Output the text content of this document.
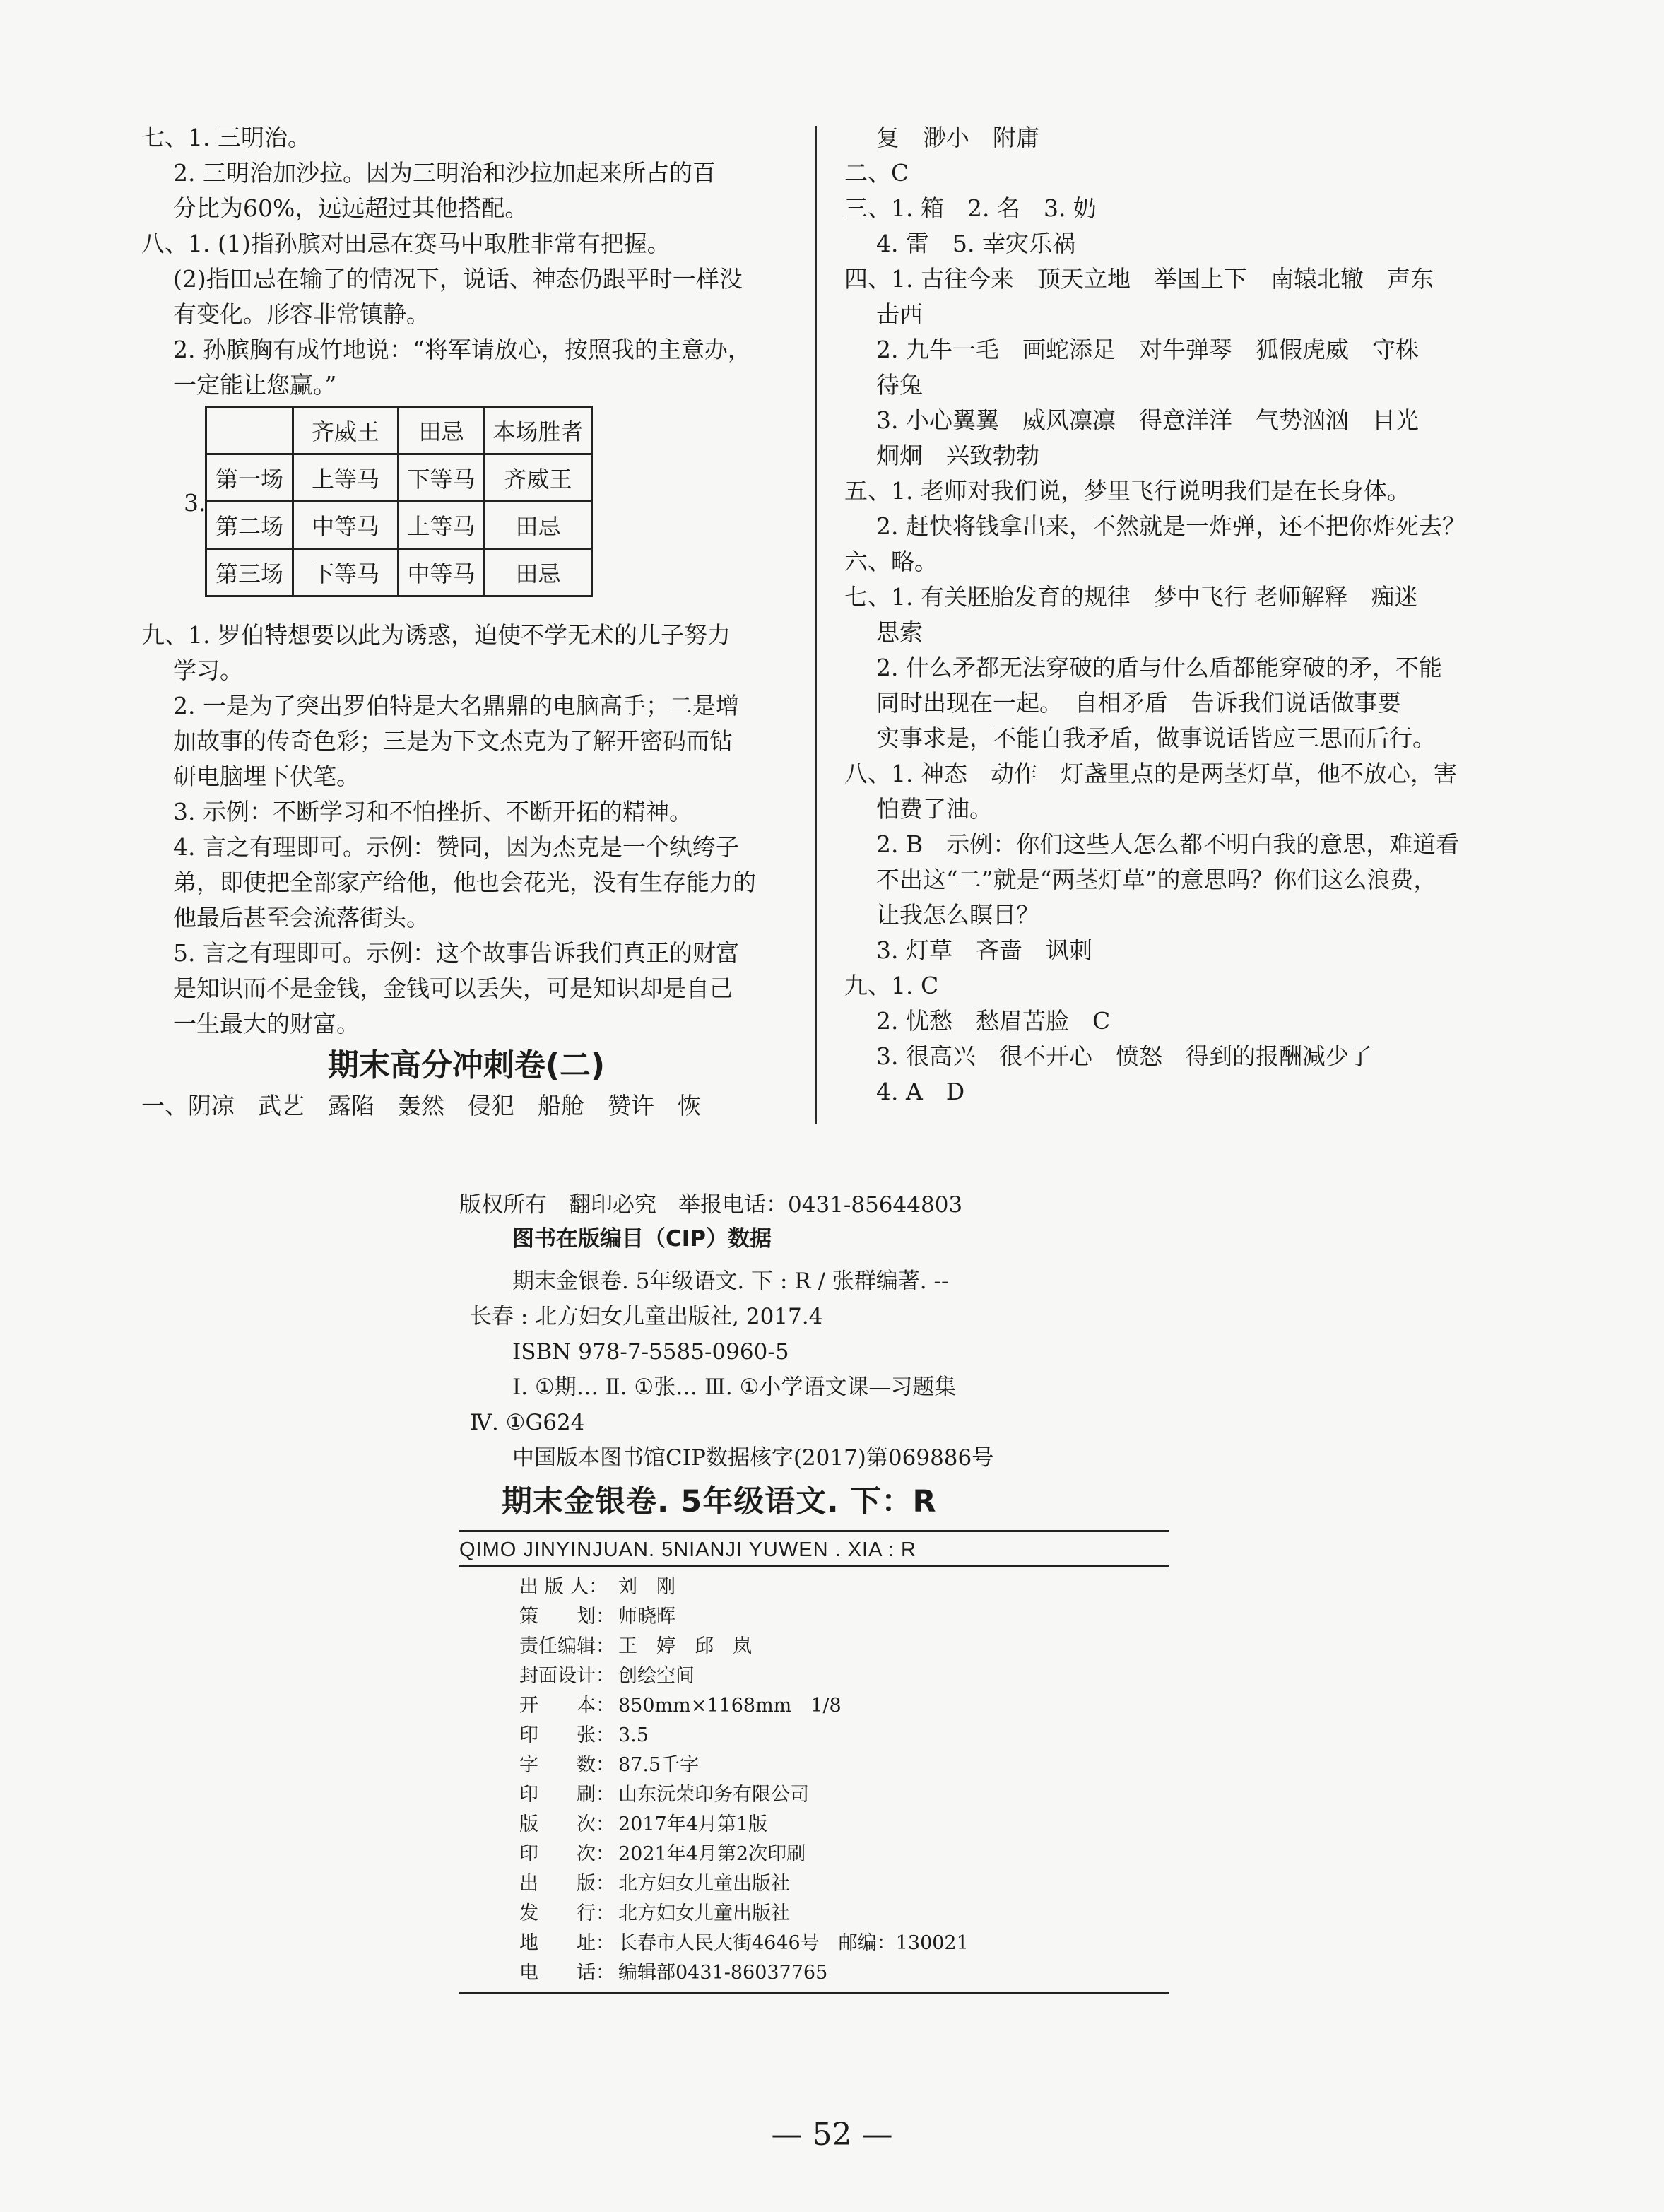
七、1. 三明治。
2. 三明治加沙拉。因为三明治和沙拉加起来所占的百
分比为60%，远远超过其他搭配。
八、1. (1)指孙膑对田忌在赛马中取胜非常有把握。
(2)指田忌在输了的情况下，说话、神态仍跟平时一样没
有变化。形容非常镇静。
2. 孙膑胸有成竹地说：“将军请放心，按照我的主意办，
一定能让您赢。”
3.
	齐威王	田忌	本场胜者
第一场	上等马	下等马	齐威王
第二场	中等马	上等马	田忌
第三场	下等马	中等马	田忌
九、1. 罗伯特想要以此为诱惑，迫使不学无术的儿子努力
学习。
2. 一是为了突出罗伯特是大名鼎鼎的电脑高手；二是增
加故事的传奇色彩；三是为下文杰克为了解开密码而钻
研电脑埋下伏笔。
3. 示例：不断学习和不怕挫折、不断开拓的精神。
4. 言之有理即可。示例：赞同，因为杰克是一个纨绔子
弟，即使把全部家产给他，他也会花光，没有生存能力的
他最后甚至会流落街头。
5. 言之有理即可。示例：这个故事告诉我们真正的财富
是知识而不是金钱，金钱可以丢失，可是知识却是自己
一生最大的财富。
期末高分冲刺卷(二)
一、阴凉　武艺　露陷　轰然　侵犯　船舱　赞许　恢
复　渺小　附庸
二、C
三、1. 箱　2. 名　3. 奶
4. 雷　5. 幸灾乐祸
四、1. 古往今来　顶天立地　举国上下　南辕北辙　声东
击西
2. 九牛一毛　画蛇添足　对牛弹琴　狐假虎威　守株
待兔
3. 小心翼翼　威风凛凛　得意洋洋　气势汹汹　目光
炯炯　兴致勃勃
五、1. 老师对我们说，梦里飞行说明我们是在长身体。
2. 赶快将钱拿出来，不然就是一炸弹，还不把你炸死去？
六、略。
七、1. 有关胚胎发育的规律　梦中飞行 老师解释　痴迷
思索
2. 什么矛都无法穿破的盾与什么盾都能穿破的矛，不能
同时出现在一起。　自相矛盾　告诉我们说话做事要
实事求是，不能自我矛盾，做事说话皆应三思而后行。
八、1. 神态　动作　灯盏里点的是两茎灯草，他不放心，害
怕费了油。
2. B　示例：你们这些人怎么都不明白我的意思，难道看
不出这“二”就是“两茎灯草”的意思吗？你们这么浪费，
让我怎么瞑目？
3. 灯草　吝啬　讽刺
九、1. C
2. 忧愁　愁眉苦脸　C
3. 很高兴　很不开心　愤怒　得到的报酬减少了
4. A　D
版权所有　翻印必究　举报电话：0431-85644803
图书在版编目（CIP）数据
期末金银卷. 5年级语文. 下 : R / 张群编著. --
长春 : 北方妇女儿童出版社, 2017.4
ISBN 978-7-5585-0960-5
Ⅰ. ①期… Ⅱ. ①张… Ⅲ. ①小学语文课—习题集
Ⅳ. ①G624
中国版本图书馆CIP数据核字(2017)第069886号
期末金银卷. 5年级语文. 下：R
QIMO JINYINJUAN. 5NIANJI YUWEN . XIA : R
出 版 人： 刘　刚
策　　划： 师晓晖
责任编辑： 王　婷　邱　岚
封面设计： 创绘空间
开　　本： 850mm×1168mm　1/8
印　　张： 3.5
字　　数： 87.5千字
印　　刷： 山东沅荣印务有限公司
版　　次： 2017年4月第1版
印　　次： 2021年4月第2次印刷
出　　版： 北方妇女儿童出版社
发　　行： 北方妇女儿童出版社
地　　址： 长春市人民大街4646号　邮编：130021
电　　话： 编辑部0431-86037765
— 52 —
